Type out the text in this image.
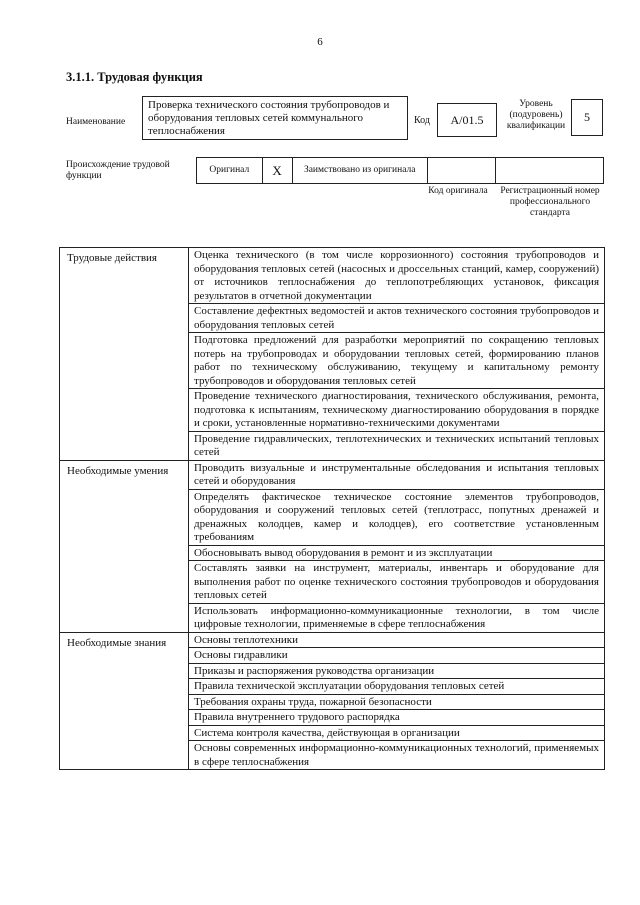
6
3.1.1. Трудовая функция
Наименование
Проверка технического состояния трубопроводов и оборудования тепловых сетей коммунального теплоснабжения
Код	A/01.5
Уровень (подуровень) квалификации
5
Происхождение трудовой функции
Оригинал	X	Заимствовано из оригинала
Код оригинала	Регистрационный номер профессионального стандарта
Трудовые действия	Оценка технического (в том числе коррозионного) состояния трубопроводов и оборудования тепловых сетей (насосных и дроссельных станций, камер, сооружений) от источников теплоснабжения до теплопотребляющих установок, фиксация результатов в отчетной документации
	Составление дефектных ведомостей и актов технического состояния трубопроводов и оборудования тепловых сетей
	Подготовка предложений для разработки мероприятий по сокращению тепловых потерь на трубопроводах и оборудовании тепловых сетей, формированию планов работ по техническому обслуживанию, текущему и капитальному ремонту трубопроводов и оборудования тепловых сетей
	Проведение технического диагностирования, технического обслуживания, ремонта, подготовка к испытаниям, техническому диагностированию оборудования в порядке и сроки, установленные нормативно-техническими документами
	Проведение гидравлических, теплотехнических и технических испытаний тепловых сетей
Необходимые умения	Проводить визуальные и инструментальные обследования и испытания тепловых сетей и оборудования
	Определять фактическое техническое состояние элементов трубопроводов, оборудования и сооружений тепловых сетей (теплотрасс, попутных дренажей и дренажных колодцев, камер и колодцев), его соответствие установленным требованиям
	Обосновывать вывод оборудования в ремонт и из эксплуатации
	Составлять заявки на инструмент, материалы, инвентарь и оборудование для выполнения работ по оценке технического состояния трубопроводов и оборудования тепловых сетей
	Использовать информационно-коммуникационные технологии, в том числе цифровые технологии, применяемые в сфере теплоснабжения
Необходимые знания	Основы теплотехники
	Основы гидравлики
	Приказы и распоряжения руководства организации
	Правила технической эксплуатации оборудования тепловых сетей
	Требования охраны труда, пожарной безопасности
	Правила внутреннего трудового распорядка
	Система контроля качества, действующая в организации
	Основы современных информационно-коммуникационных технологий, применяемых в сфере теплоснабжения
